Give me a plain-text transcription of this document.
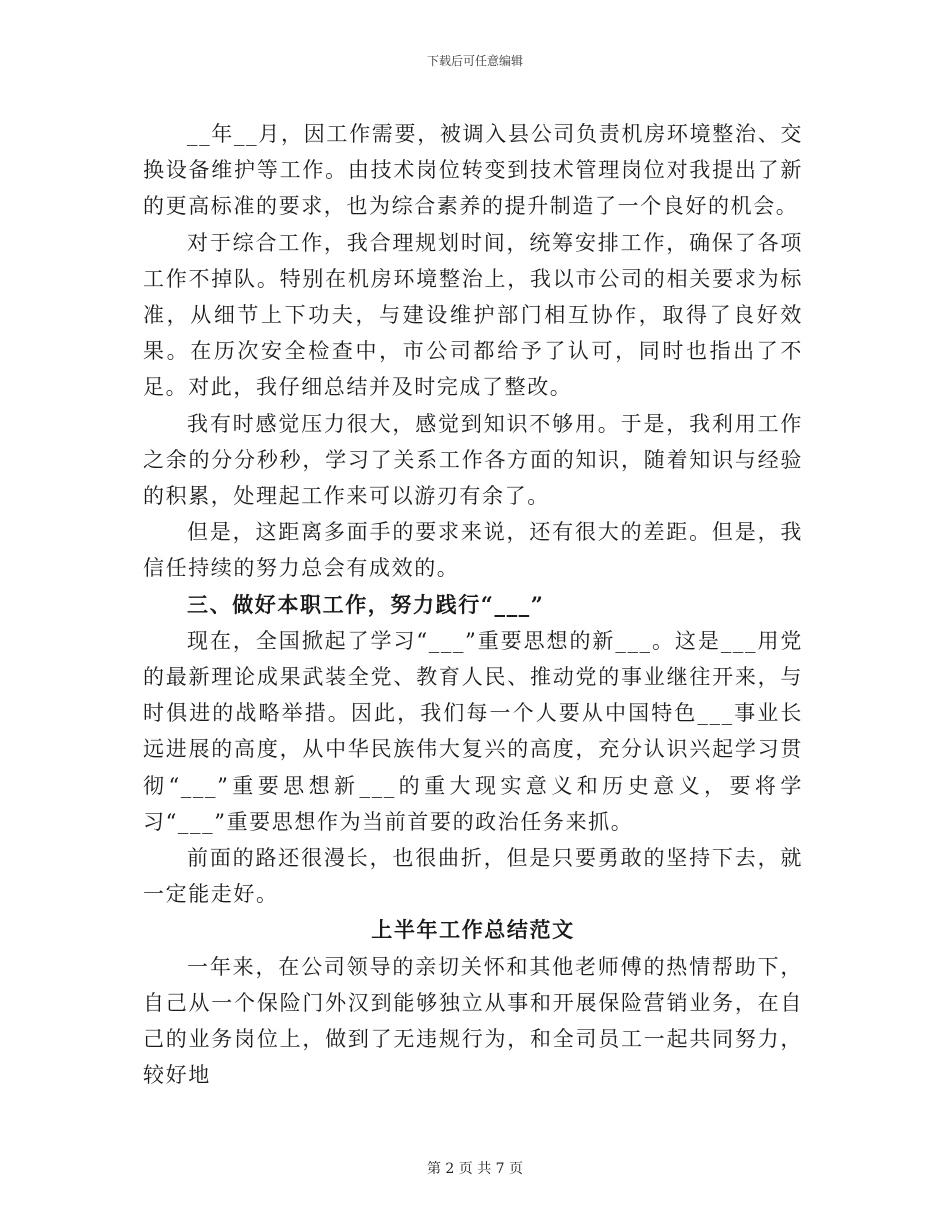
下载后可任意编辑

__年__月，因工作需要，被调入县公司负责机房环境整治、交换设备维护等工作。由技术岗位转变到技术管理岗位对我提出了新的更高标准的要求，也为综合素养的提升制造了一个良好的机会。

对于综合工作，我合理规划时间，统筹安排工作，确保了各项工作不掉队。特别在机房环境整治上，我以市公司的相关要求为标准，从细节上下功夫，与建设维护部门相互协作，取得了良好效果。在历次安全检查中，市公司都给予了认可，同时也指出了不足。对此，我仔细总结并及时完成了整改。

我有时感觉压力很大，感觉到知识不够用。于是，我利用工作之余的分分秒秒，学习了关系工作各方面的知识，随着知识与经验的积累，处理起工作来可以游刃有余了。

但是，这距离多面手的要求来说，还有很大的差距。但是，我信任持续的努力总会有成效的。

三、做好本职工作，努力践行“___”

现在，全国掀起了学习“___”重要思想的新___。这是___用党的最新理论成果武装全党、教育人民、推动党的事业继往开来，与时俱进的战略举措。因此，我们每一个人要从中国特色___事业长远进展的高度，从中华民族伟大复兴的高度，充分认识兴起学习贯彻“___”重要思想新___的重大现实意义和历史意义，要将学习“___”重要思想作为当前首要的政治任务来抓。

前面的路还很漫长，也很曲折，但是只要勇敢的坚持下去，就一定能走好。

上半年工作总结范文

一年来，在公司领导的亲切关怀和其他老师傅的热情帮助下，自己从一个保险门外汉到能够独立从事和开展保险营销业务，在自己的业务岗位上，做到了无违规行为，和全司员工一起共同努力，较好地

第 2 页 共 7 页
